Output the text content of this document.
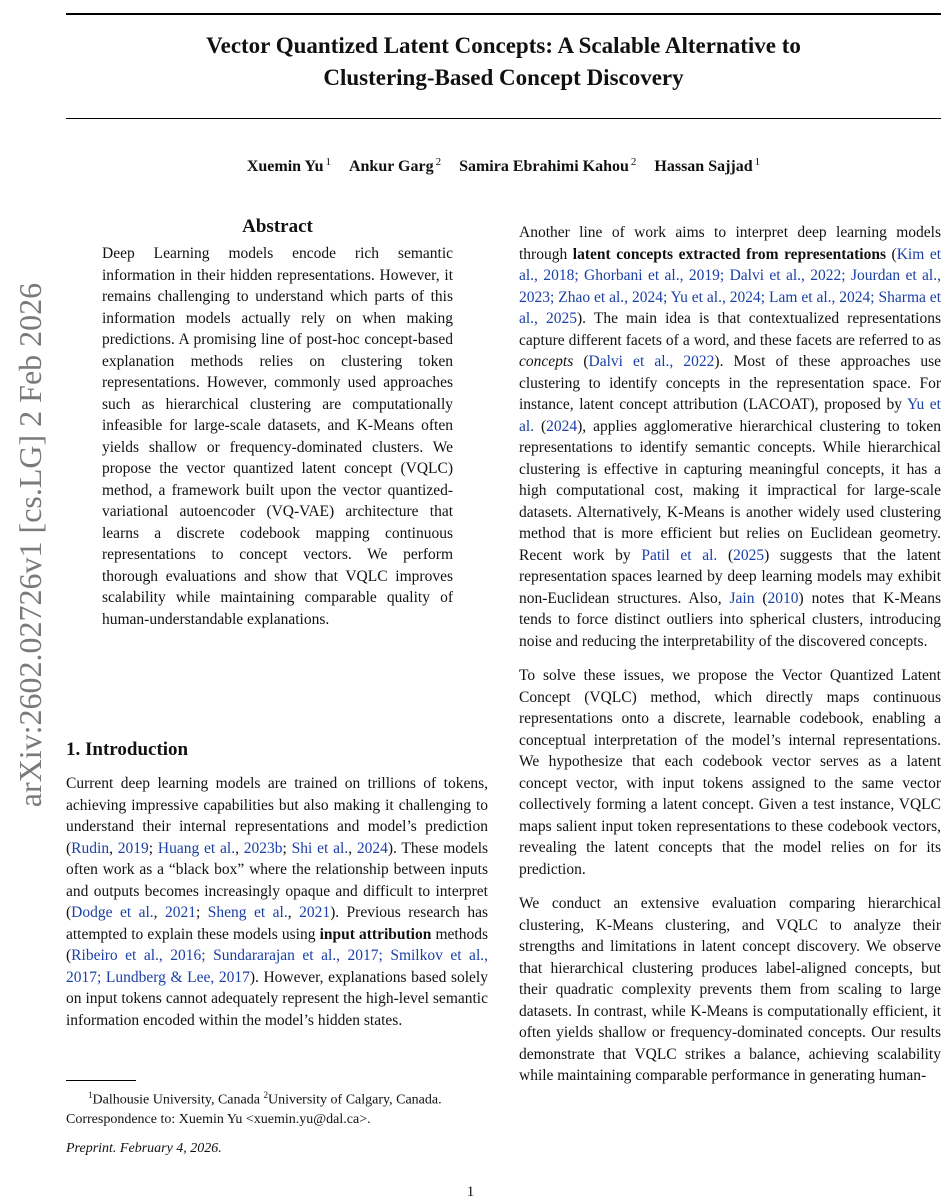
Vector Quantized Latent Concepts: A Scalable Alternative to
Clustering-Based Concept Discovery
Xuemin Yu $^1$ Ankur Garg $^2$ Samira Ebrahimi Kahou $^2$ Hassan Sajjad $^1$
arXiv:2602.02726v1 [cs.LG] 2 Feb 2026
Abstract

Deep Learning models encode rich semantic information in their hidden representations. However, it remains challenging to understand which parts of this information models actually rely on when making predictions. A promising line of post-hoc concept-based explanation methods relies on clustering token representations. However, commonly used approaches such as hierarchical clustering are computationally infeasible for large-scale datasets, and K-Means often yields shallow or frequency-dominated clusters. We propose the vector quantized latent concept (VQLC) method, a framework built upon the vector quantized-variational autoencoder (VQ-VAE) architecture that learns a discrete codebook mapping continuous representations to concept vectors. We perform thorough evaluations and show that VQLC improves scalability while maintaining comparable quality of human-understandable explanations.

1. Introduction

Current deep learning models are trained on trillions of tokens, achieving impressive capabilities but also making it challenging to understand their internal representations and model’s prediction (Rudin, 2019; Huang et al., 2023b; Shi et al., 2024). These models often work as a “black box” where the relationship between inputs and outputs becomes increasingly opaque and difficult to interpret (Dodge et al., 2021; Sheng et al., 2021). Previous research has attempted to explain these models using input attribution methods (Ribeiro et al., 2016; Sundararajan et al., 2017; Smilkov et al., 2017; Lundberg & Lee, 2017). However, explanations based solely on input tokens cannot adequately represent the high-level semantic information encoded within the model’s hidden states.

Another line of work aims to interpret deep learning models through latent concepts extracted from representations (Kim et al., 2018; Ghorbani et al., 2019; Dalvi et al., 2022; Jourdan et al., 2023; Zhao et al., 2024; Yu et al., 2024; Lam et al., 2024; Sharma et al., 2025). The main idea is that contextualized representations capture different facets of a word, and these facets are referred to as concepts (Dalvi et al., 2022). Most of these approaches use clustering to identify concepts in the representation space. For instance, latent concept attribution (LACOAT), proposed by Yu et al. (2024), applies agglomerative hierarchical clustering to token representations to identify semantic concepts. While hierarchical clustering is effective in capturing meaningful concepts, it has a high computational cost, making it impractical for large-scale datasets. Alternatively, K-Means is another widely used clustering method that is more efficient but relies on Euclidean geometry. Recent work by Patil et al. (2025) suggests that the latent representation spaces learned by deep learning models may exhibit non-Euclidean structures. Also, Jain (2010) notes that K-Means tends to force distinct outliers into spherical clusters, introducing noise and reducing the interpretability of the discovered concepts.

To solve these issues, we propose the Vector Quantized Latent Concept (VQLC) method, which directly maps continuous representations onto a discrete, learnable codebook, enabling a conceptual interpretation of the model’s internal representations. We hypothesize that each codebook vector serves as a latent concept vector, with input tokens assigned to the same vector collectively forming a latent concept. Given a test instance, VQLC maps salient input token representations to these codebook vectors, revealing the latent concepts that the model relies on for its prediction.

We conduct an extensive evaluation comparing hierarchical clustering, K-Means clustering, and VQLC to analyze their strengths and limitations in latent concept discovery. We observe that hierarchical clustering produces label-aligned concepts, but their quadratic complexity prevents them from scaling to large datasets. In contrast, while K-Means is computationally efficient, it often yields shallow or frequency-dominated concepts. Our results demonstrate that VQLC strikes a balance, achieving scalability while maintaining comparable performance in generating human-

$^1$Dalhousie University, Canada $^2$University of Calgary, Canada.
Correspondence to: Xuemin Yu <xuemin.yu@dal.ca>.
Preprint. February 4, 2026.
1
